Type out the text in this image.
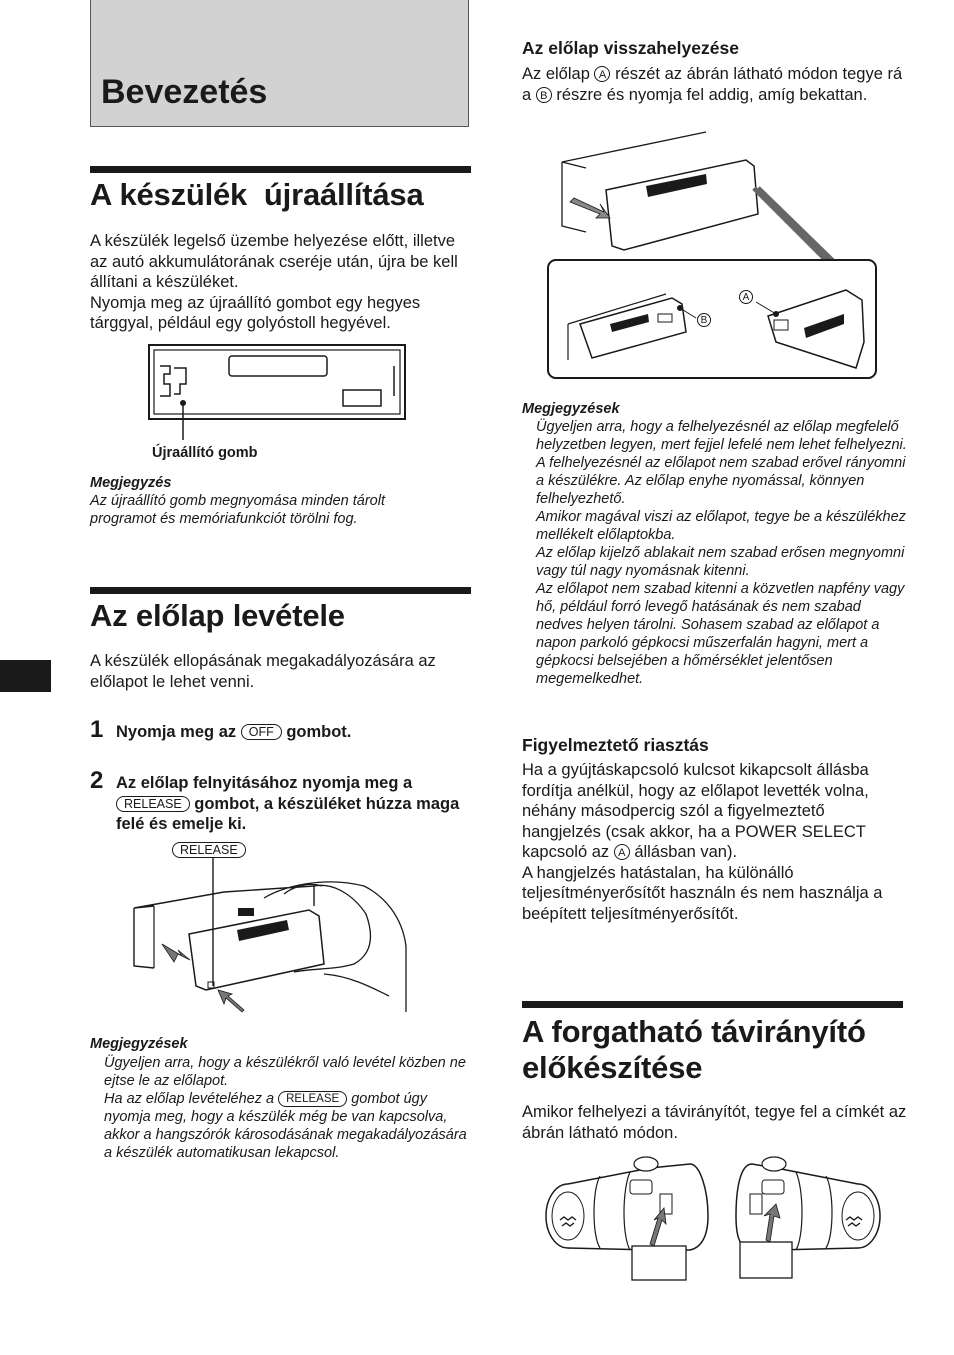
Bevezetés
A készülék  újraállítása

A készülék legelső üzembe helyezése előtt, illetve az autó akkumulátorának cseréje után, újra be kell állítani a készüléket.

Nyomja meg az újraállító gombot egy hegyes tárggyal, például egy golyóstoll hegyével.

Újraállító gomb
Megjegyzés
Az újraállító gomb megnyomása minden tárolt programot és memóriafunkciót törölni fog.
Az előlap levétele
A készülék ellopásának megakadályozására az előlapot le lehet venni.
1 Nyomja meg az OFF gombot.
2 Az előlap felnyitásához nyomja meg a RELEASE gombot, a készüléket húzza maga felé és emelje ki.
RELEASE
Megjegyzések

Ügyeljen arra, hogy a készülékről való levétel közben ne ejtse le az előlapot.

Ha az előlap levételéhez a RELEASE gombot úgy nyomja meg, hogy a készülék még be van kapcsolva, akkor a hangszórók károsodásának megakadályozására a készülék automatikusan lekapcsol.

Az előlap visszahelyezése
Az előlap A részét az ábrán látható módon tegye rá a B részre és nyomja fel addig, amíg bekattan.
A
B
Megjegyzések

Ügyeljen arra, hogy a felhelyezésnél az előlap megfelelő helyzetben legyen, mert fejjel lefelé nem lehet felhelyezni.

A felhelyezésnél az előlapot nem szabad erővel rányomni a készülékre. Az előlap enyhe nyomással, könnyen felhelyezhető.

Amikor magával viszi az előlapot, tegye be a készülékhez mellékelt előlaptokba.

Az előlap kijelző ablakait nem szabad erősen megnyomni vagy túl nagy nyomásnak kitenni.

Az előlapot nem szabad kitenni a közvetlen napfény vagy hő, például forró levegő hatásának és nem szabad nedves helyen tárolni. Sohasem szabad az előlapot a napon parkoló gépkocsi műszerfalán hagyni, mert a gépkocsi belsejében a hőmérséklet jelentősen megemelkedhet.

Figyelmeztető riasztás

Ha a gyújtáskapcsoló kulcsot kikapcsolt állásba fordítja anélkül, hogy az előlapot levették volna, néhány másodpercig szól a figyelmeztető hangjelzés (csak akkor, ha a POWER SELECT kapcsoló az A állásban van).

A hangjelzés hatástalan, ha különálló teljesítményerősítőt használn és nem használja a beépített teljesítményerősítőt.

A forgatható távirányító
előkészítése
Amikor felhelyezi a távirányítót, tegye fel a címkét az ábrán látható módon.
